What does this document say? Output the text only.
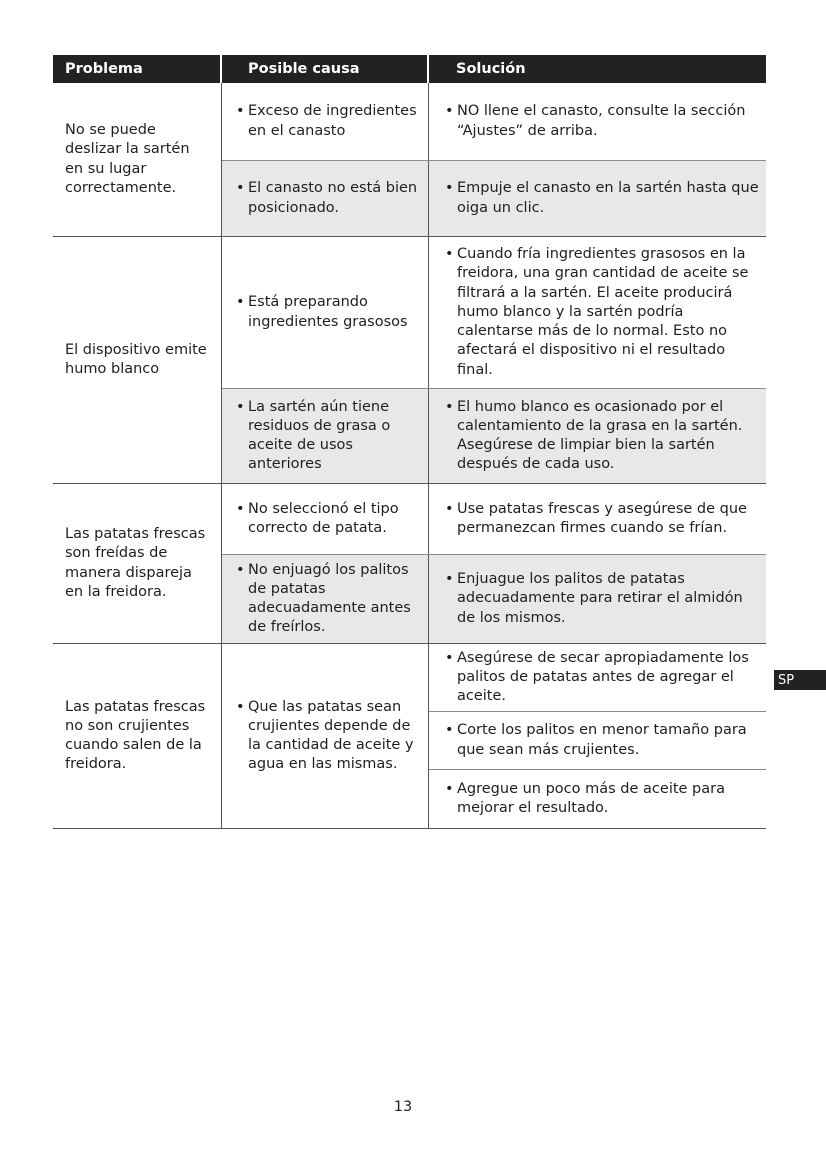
Problema	Posible causa	Solución
No se puede deslizar la sartén en su lugar correctamente.
• Exceso de ingredientes en el canasto
• NO llene el canasto, consulte la sección “Ajustes” de arriba.
• El canasto no está bien posicionado.
• Empuje el canasto en la sartén hasta que oiga un clic.
El dispositivo emite humo blanco
• Está preparando ingredientes grasosos
• Cuando fría ingredientes grasosos en la freidora, una gran cantidad de aceite se filtrará a la sartén. El aceite producirá humo blanco y la sartén podría calentarse más de lo normal. Esto no afectará el dispositivo ni el resultado final.
• La sartén aún tiene residuos de grasa o aceite de usos anteriores
• El humo blanco es ocasionado por el calentamiento de la grasa en la sartén. Asegúrese de limpiar bien la sartén después de cada uso.
Las patatas frescas son freídas de manera dispareja en la freidora.
• No seleccionó el tipo correcto de patata.
• Use patatas frescas y asegúrese de que permanezcan firmes cuando se frían.
• No enjuagó los palitos de patatas adecuadamente antes de freírlos.
• Enjuague los palitos de patatas adecuadamente para retirar el almidón de los mismos.
Las patatas frescas no son crujientes cuando salen de la freidora.
• Que las patatas sean crujientes depende de la cantidad de aceite y agua en las mismas.
• Asegúrese de secar apropiadamente los palitos de patatas antes de agregar el aceite.
• Corte los palitos en menor tamaño para que sean más crujientes.
• Agregue un poco más de aceite para mejorar el resultado.
SP
13
